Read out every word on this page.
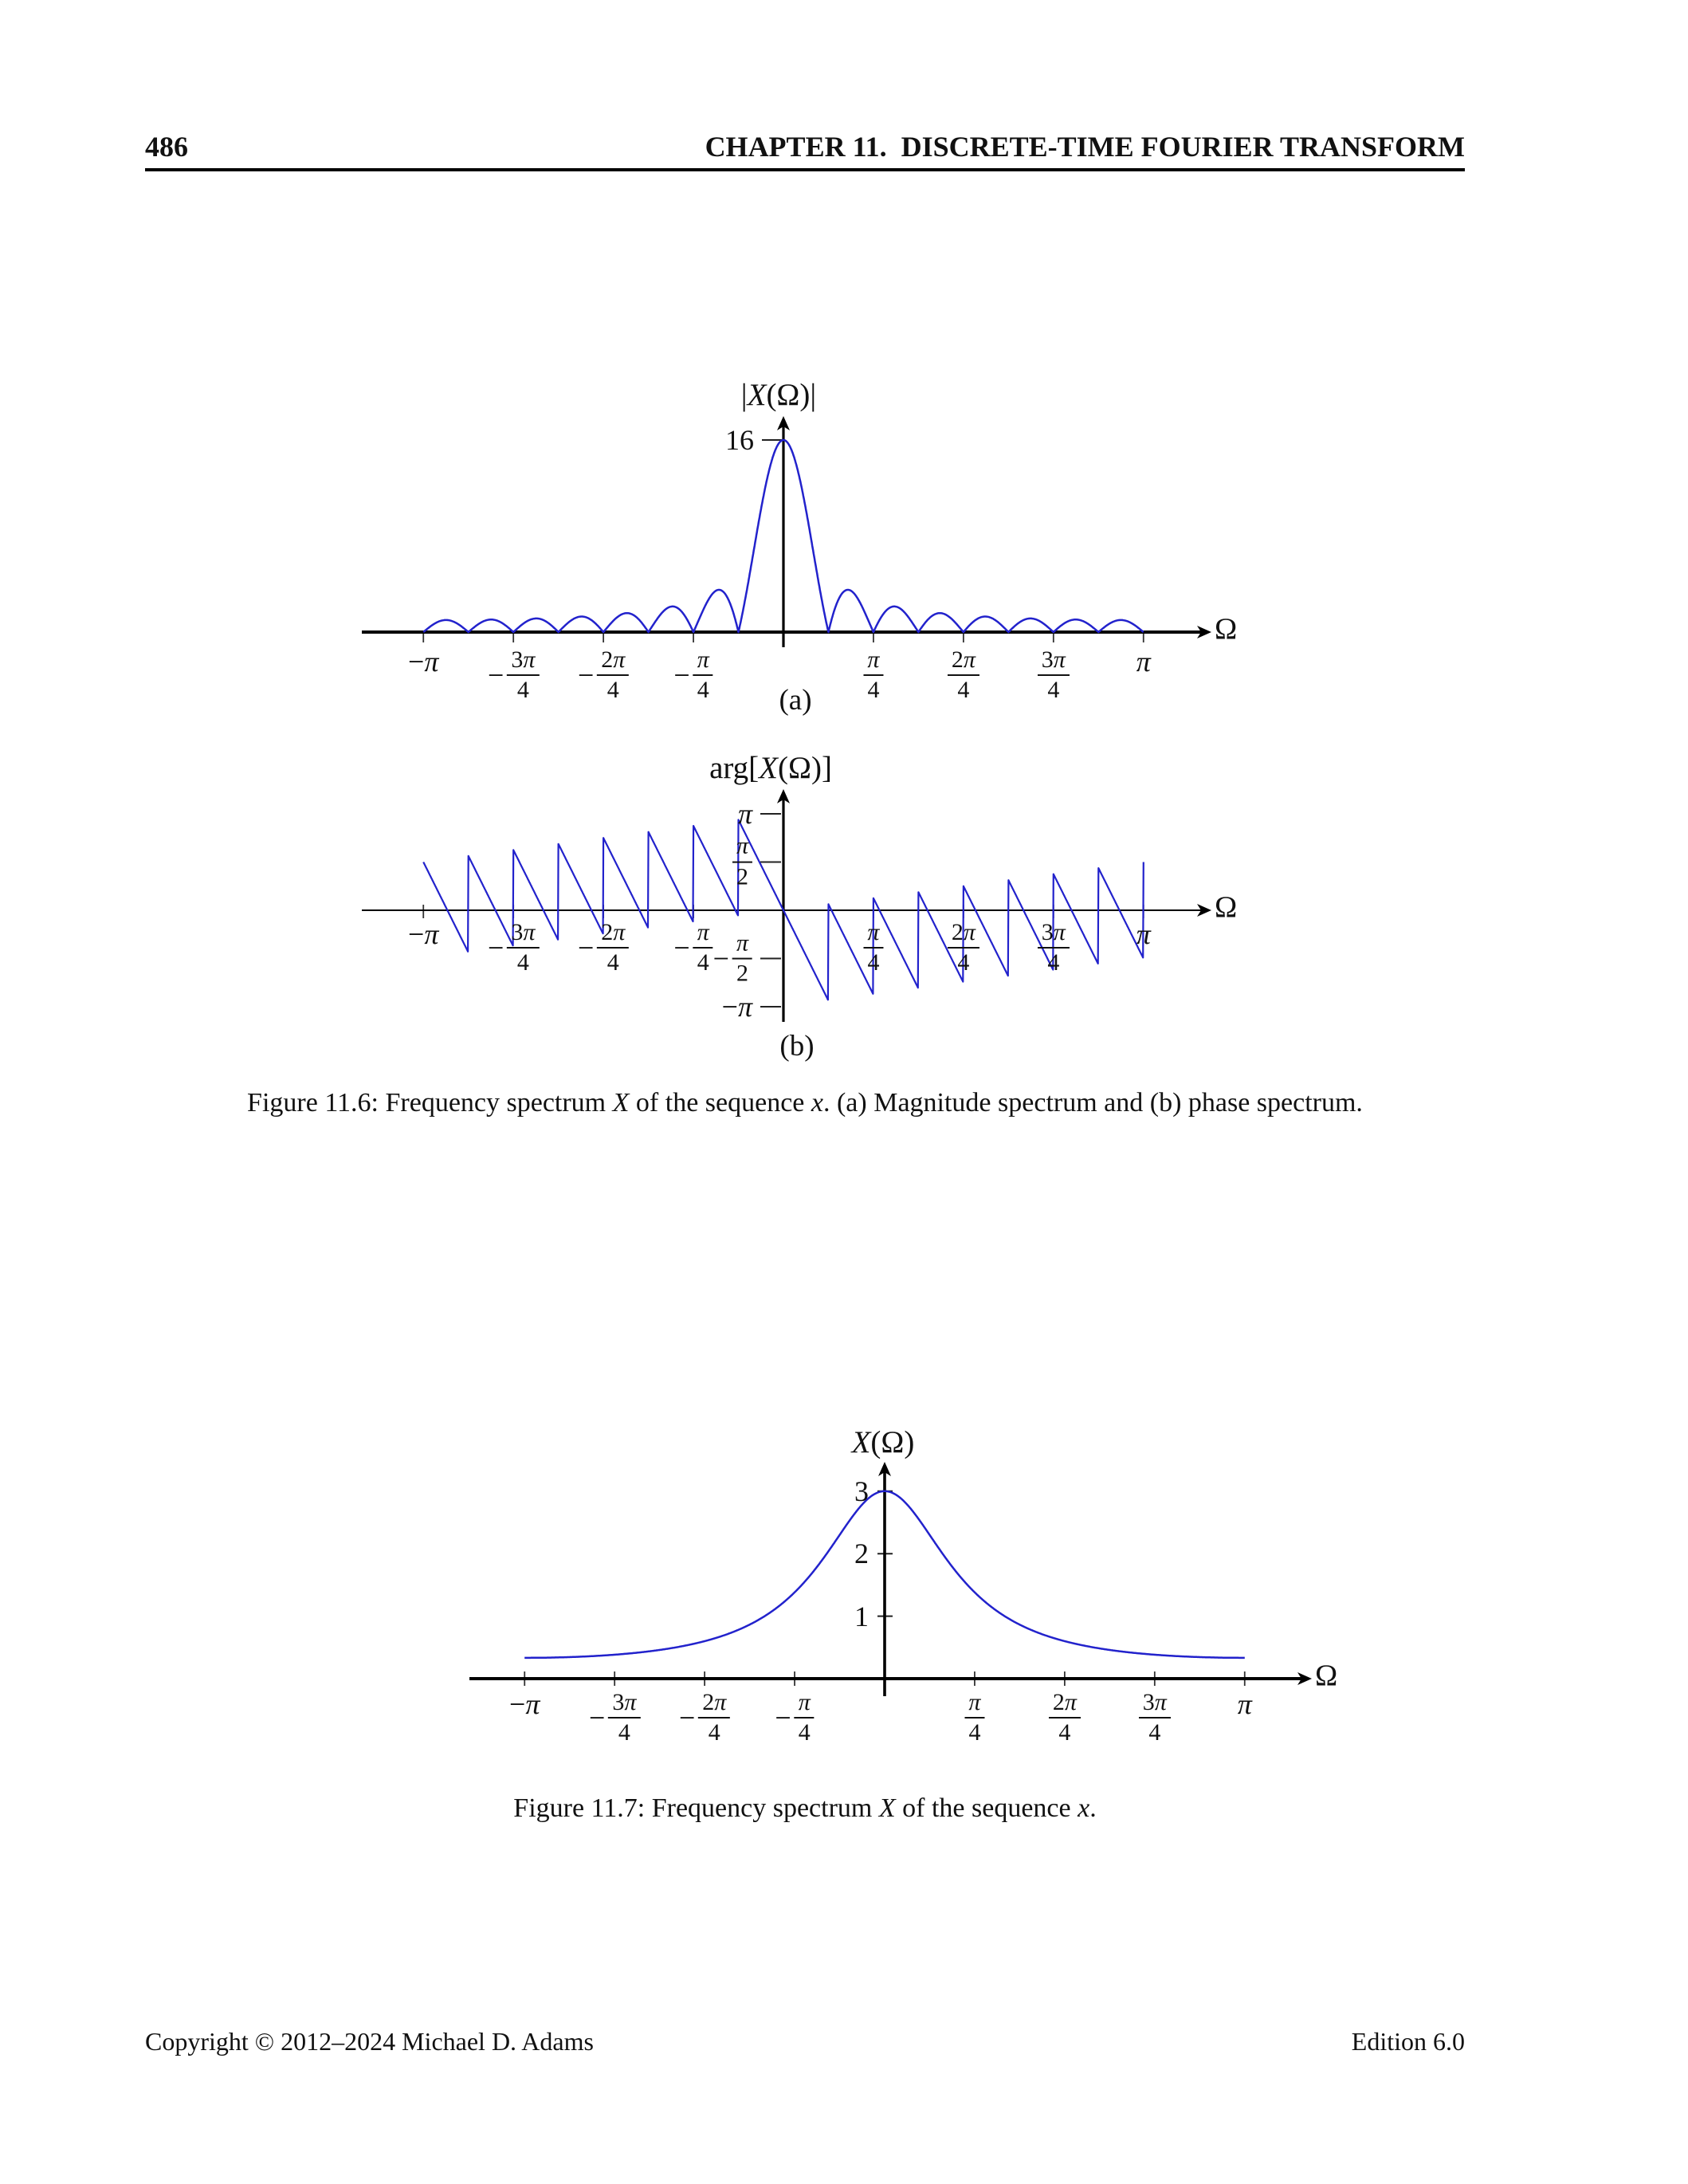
486	CHAPTER 11.  DISCRETE-TIME FOURIER TRANSFORM
|X(Ω)|
Ω
− $\pi - \frac{3\pi}{4} - \frac{2\pi}{4} - \frac{\pi}{4}$	$\frac{\pi}{4}$	$\frac{2\pi}{4} \frac{3\pi}{4}$ π
16
(a)
arg[X(Ω)]
Ω
− $\pi - \frac{3\pi}{4} - \frac{2\pi}{4} - \frac{\pi}{4}$	$\frac{\pi}{4}$	$\frac{2\pi}{4} \frac{3\pi}{4}$ π
π
$\frac{\pi}{2}$
− $\frac{\pi}{2}$
− π
(b)

Figure 11.6: Frequency spectrum X of the sequence x. (a) Magnitude spectrum and (b) phase spectrum.

X(Ω)
Ω
− $\pi - \frac{3\pi}{4} - \frac{2\pi}{4} - \frac{\pi}{4}$	$\frac{\pi}{4}$	$\frac{2\pi}{4} \frac{3\pi}{4}$ π
3
2
1

Figure 11.7: Frequency spectrum X of the sequence x.

Copyright © 2012–2024 Michael D. Adams	Edition 6.0
